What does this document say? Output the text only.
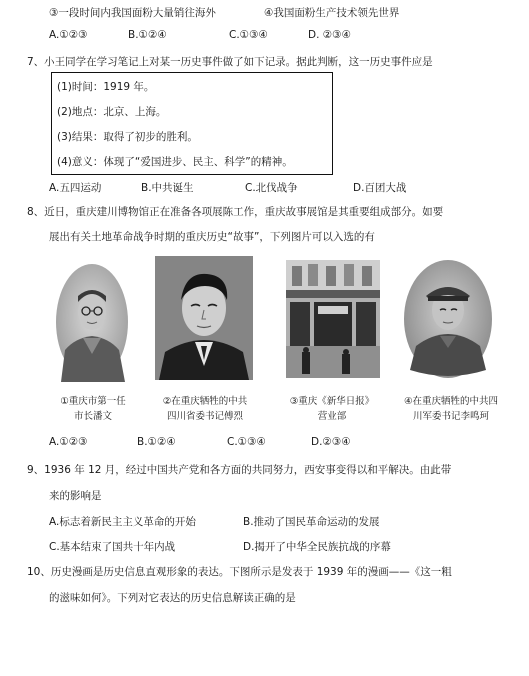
③一段时间内我国面粉大量销往海外	④我国面粉生产技术领先世界
A.①②③	B.①②④	C.①③④	D. ②③④
7、小王同学在学习笔记上对某一历史事件做了如下记录。据此判断，这一历史事件应是
(1)时间：1919 年。
(2)地点：北京、上海。
(3)结果：取得了初步的胜利。
(4)意义：体现了“爱国进步、民主、科学”的精神。
A.五四运动	B.中共诞生	C.北伐战争	D.百团大战
8、近日，重庆建川博物馆正在准备各项展陈工作，重庆故事展馆是其重要组成部分。如要
展出有关土地革命战争时期的重庆历史“故事”，下列图片可以入选的有
①重庆市第一任
市长潘文
②在重庆牺牲的中共
四川省委书记傅烈
③重庆《新华日报》
营业部
④在重庆牺牲的中共四
川军委书记李鸣珂
A.①②③	B.①②④	C.①③④	D.②③④
9、1936 年 12 月，经过中国共产党和各方面的共同努力，西安事变得以和平解决。由此带
来的影响是
A.标志着新民主主义革命的开始	B.推动了国民革命运动的发展
C.基本结束了国共十年内战	D.揭开了中华全民族抗战的序幕
10、历史漫画是历史信息直观形象的表达。下图所示是发表于 1939 年的漫画——《这一粗
的滋味如何》。下列对它表达的历史信息解读正确的是
